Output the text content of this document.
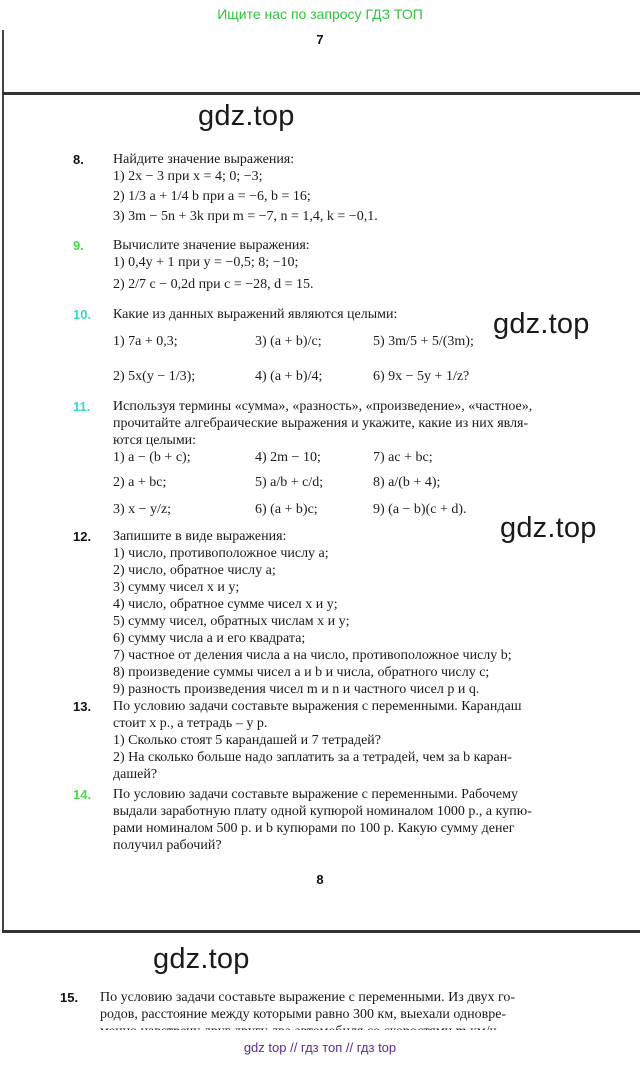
Ищите нас по запросу ГДЗ ТОП
7
gdz.top
gdz.top
gdz.top
8. Найдите значение выражения:
1) 2x − 3 при x = 4; 0; −3;
2) 1/3 a + 1/4 b при a = −6, b = 16;
3) 3m − 5n + 3k при m = −7, n = 1,4, k = −0,1.
9. Вычислите значение выражения:
1) 0,4y + 1 при y = −0,5; 8; −10;
2) 2/7 c − 0,2d при c = −28, d = 15.
10. Какие из данных выражений являются целыми:
1) 7a + 0,3;	3) (a + b)/c;	5) 3m/5 + 5/(3m);
2) 5x(y − 1/3);	4) (a + b)/4;	6) 9x − 5y + 1/z?
11. Используя термины «сумма», «разность», «произведение», «частное»,
прочитайте алгебраические выражения и укажите, какие из них явля-
ются целыми:
1) a − (b + c);	4) 2m − 10;	7) ac + bc;
2) a + bc;	5) a/b + c/d;	8) a/(b + 4);
3) x − y/z;	6) (a + b)c;	9) (a − b)(c + d).
12. Запишите в виде выражения:
1) число, противоположное числу a;
2) число, обратное числу a;
3) сумму чисел x и y;
4) число, обратное сумме чисел x и y;
5) сумму чисел, обратных числам x и y;
6) сумму числа a и его квадрата;
7) частное от деления числа a на число, противоположное числу b;
8) произведение суммы чисел a и b и числа, обратного числу c;
9) разность произведения чисел m и n и частного чисел p и q.
13. По условию задачи составьте выражения с переменными. Карандаш
стоит x р., а тетрадь – y р.
1) Сколько стоят 5 карандашей и 7 тетрадей?
2) На сколько больше надо заплатить за a тетрадей, чем за b каран-
дашей?
14. По условию задачи составьте выражение с переменными. Рабочему
выдали заработную плату одной купюрой номиналом 1000 р., a купю-
рами номиналом 500 р. и b купюрами по 100 р. Какую сумму денег
получил рабочий?
8
gdz.top
15. По условию задачи составьте выражение с переменными. Из двух го-
родов, расстояние между которыми равно 300 км, выехали одновре-
gdz top // гдз топ // гдз top
